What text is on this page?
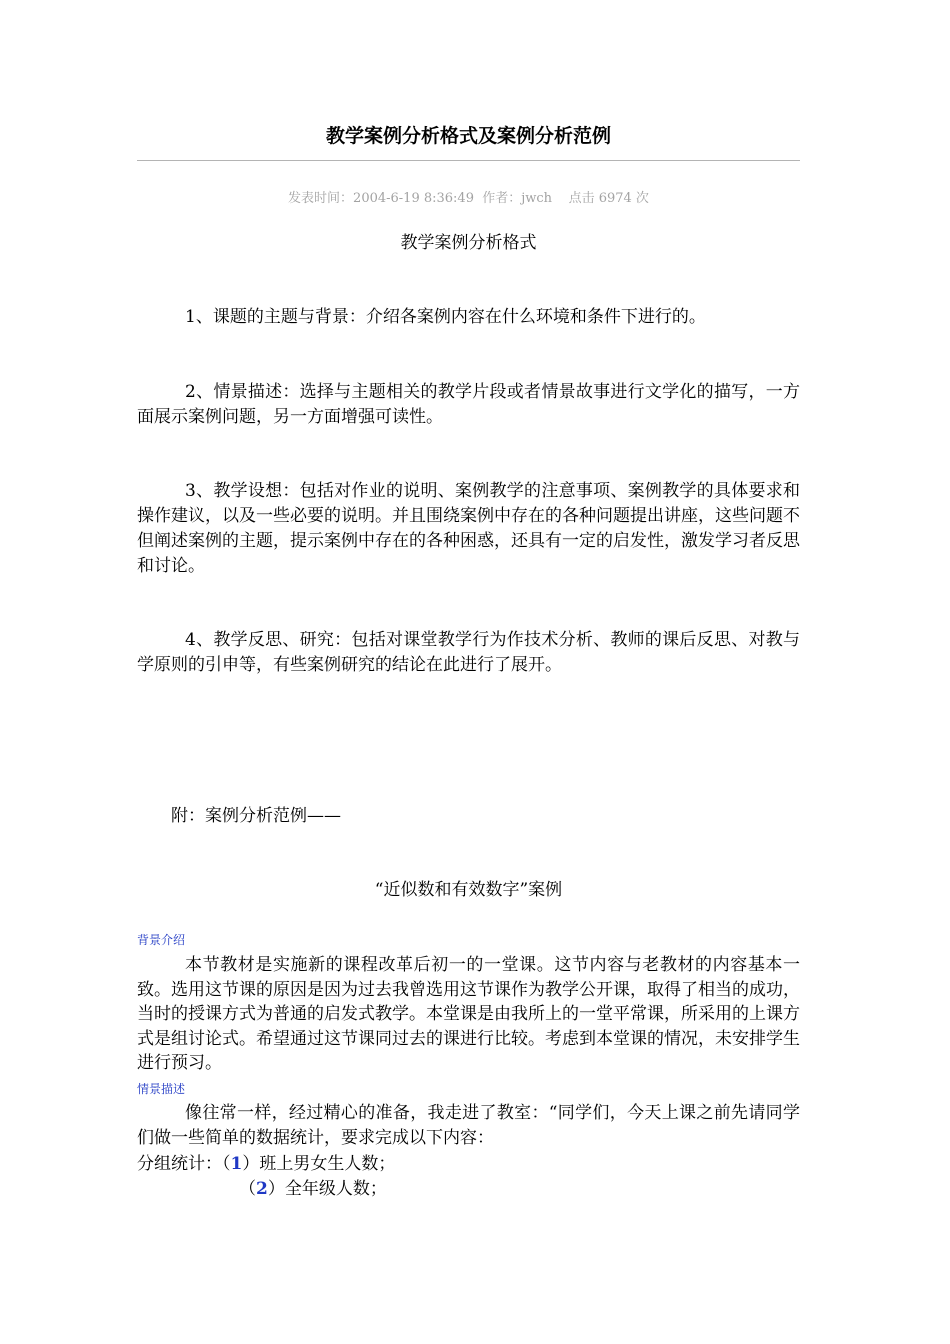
教学案例分析格式及案例分析范例
发表时间：2004-6-19 8:36:49  作者：jwch    点击 6974 次
教学案例分析格式
1、课题的主题与背景：介绍各案例内容在什么环境和条件下进行的。
2、情景描述：选择与主题相关的教学片段或者情景故事进行文学化的描写，一方面展示案例问题，另一方面增强可读性。
3、教学设想：包括对作业的说明、案例教学的注意事项、案例教学的具体要求和操作建议，以及一些必要的说明。并且围绕案例中存在的各种问题提出讲座，这些问题不但阐述案例的主题，提示案例中存在的各种困惑，还具有一定的启发性，激发学习者反思和讨论。
4、教学反思、研究：包括对课堂教学行为作技术分析、教师的课后反思、对教与学原则的引申等，有些案例研究的结论在此进行了展开。
附：案例分析范例——
“近似数和有效数字”案例
背景介绍
本节教材是实施新的课程改革后初一的一堂课。这节内容与老教材的内容基本一致。选用这节课的原因是因为过去我曾选用这节课作为教学公开课，取得了相当的成功，当时的授课方式为普通的启发式教学。本堂课是由我所上的一堂平常课，所采用的上课方式是组讨论式。希望通过这节课同过去的课进行比较。考虑到本堂课的情况，未安排学生进行预习。
情景描述
像往常一样，经过精心的准备，我走进了教室：“同学们，今天上课之前先请同学们做一些简单的数据统计，要求完成以下内容：
分组统计：（1）班上男女生人数；
（2）全年级人数；
